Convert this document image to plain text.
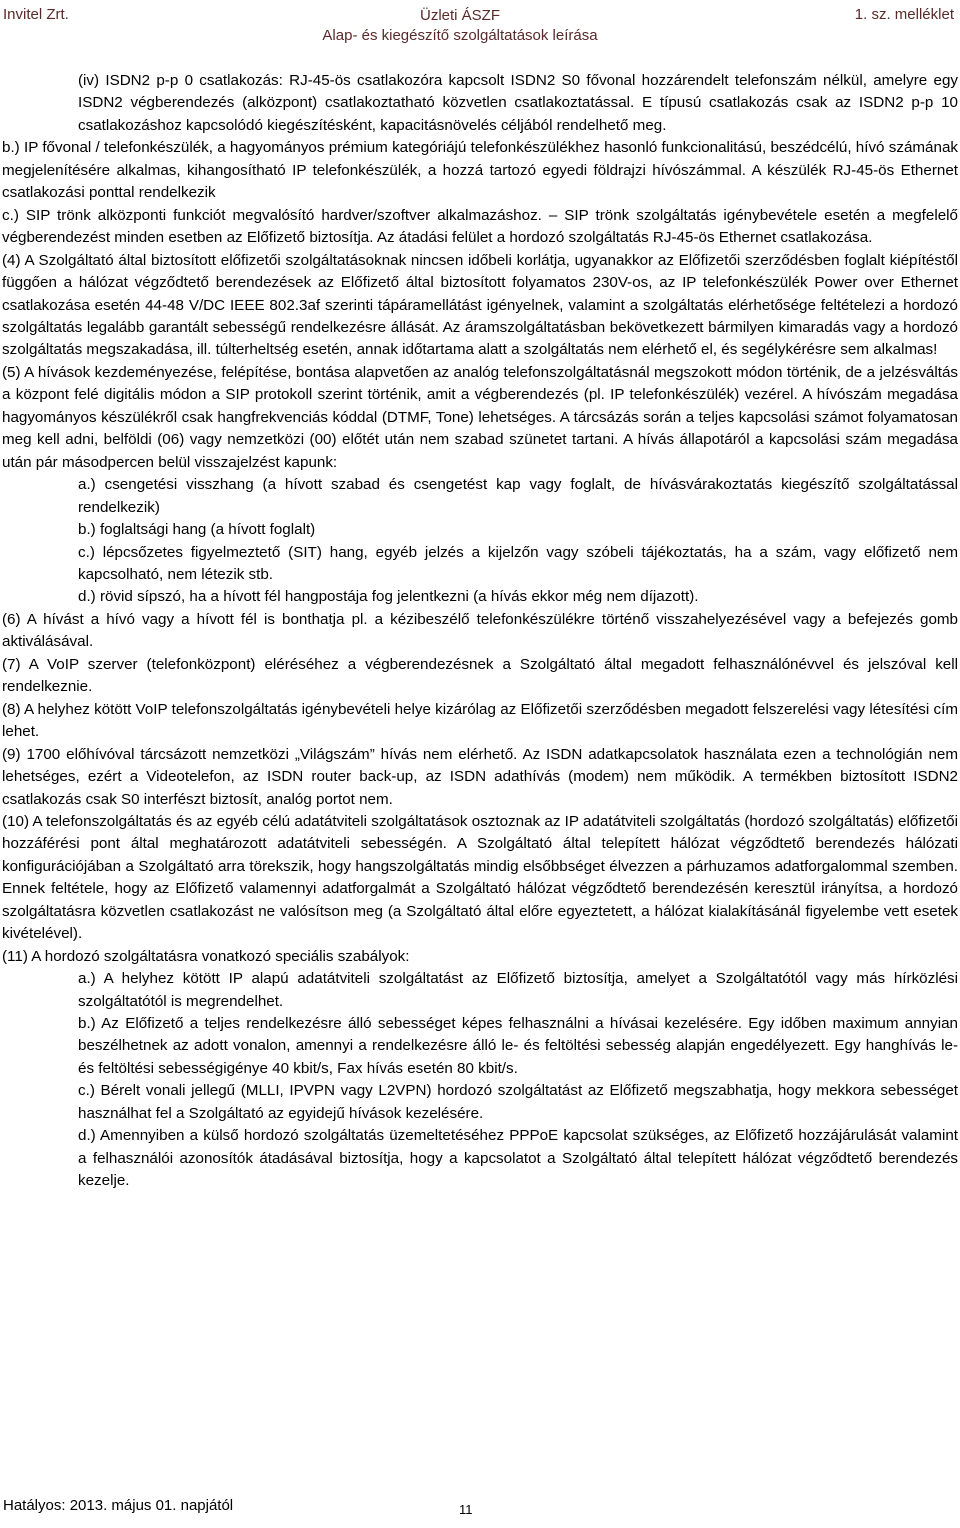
Invitel Zrt.	Üzleti ÁSZF
Alap- és kiegészítő szolgáltatások leírása
1. sz. melléklet

(iv) ISDN2 p-p 0 csatlakozás: RJ-45-ös csatlakozóra kapcsolt ISDN2 S0 fővonal hozzárendelt telefonszám nélkül, amelyre egy ISDN2 végberendezés (alközpont) csatlakoztatható közvetlen csatlakoztatással. E típusú csatlakozás csak az ISDN2 p-p 10 csatlakozáshoz kapcsolódó kiegészítésként, kapacitásnövelés céljából rendelhető meg.

b.) IP fővonal / telefonkészülék, a hagyományos prémium kategóriájú telefonkészülékhez hasonló funkcionalitású, beszédcélú, hívó számának megjelenítésére alkalmas, kihangosítható IP telefonkészülék, a hozzá tartozó egyedi földrajzi hívószámmal. A készülék RJ-45-ös Ethernet csatlakozási ponttal rendelkezik

c.) SIP trönk alközponti funkciót megvalósító hardver/szoftver alkalmazáshoz. – SIP trönk szolgáltatás igénybevétele esetén a megfelelő végberendezést minden esetben az Előfizető biztosítja. Az átadási felület a hordozó szolgáltatás RJ-45-ös Ethernet csatlakozása.

(4) A Szolgáltató által biztosított előfizetői szolgáltatásoknak nincsen időbeli korlátja, ugyanakkor az Előfizetői szerződésben foglalt kiépítéstől függően a hálózat végződtető berendezések az Előfizető által biztosított folyamatos 230V-os, az IP telefonkészülék Power over Ethernet csatlakozása esetén 44-48 V/DC IEEE 802.3af szerinti tápáramellátást igényelnek, valamint a szolgáltatás elérhetősége feltételezi a hordozó szolgáltatás legalább garantált sebességű rendelkezésre állását. Az áramszolgáltatásban bekövetkezett bármilyen kimaradás vagy a hordozó szolgáltatás megszakadása, ill. túlterheltség esetén, annak időtartama alatt a szolgáltatás nem elérhető el, és segélykérésre sem alkalmas!

(5) A hívások kezdeményezése, felépítése, bontása alapvetően az analóg telefonszolgáltatásnál megszokott módon történik, de a jelzésváltás a központ felé digitális módon a SIP protokoll szerint történik, amit a végberendezés (pl. IP telefonkészülék) vezérel. A hívószám megadása hagyományos készülékről csak hangfrekvenciás kóddal (DTMF, Tone) lehetséges. A tárcsázás során a teljes kapcsolási számot folyamatosan meg kell adni, belföldi (06) vagy nemzetközi (00) előtét után nem szabad szünetet tartani. A hívás állapotáról a kapcsolási szám megadása után pár másodpercen belül visszajelzést kapunk:

a.) csengetési visszhang (a hívott szabad és csengetést kap vagy foglalt, de hívásvárakoztatás kiegészítő szolgáltatással rendelkezik)

b.) foglaltsági hang (a hívott foglalt)

c.) lépcsőzetes figyelmeztető (SIT) hang, egyéb jelzés a kijelzőn vagy szóbeli tájékoztatás, ha a szám, vagy előfizető nem kapcsolható, nem létezik stb.

d.) rövid sípszó, ha a hívott fél hangpostája fog jelentkezni (a hívás ekkor még nem díjazott).

(6) A hívást a hívó vagy a hívott fél is bonthatja pl. a kézibeszélő telefonkészülékre történő visszahelyezésével vagy a befejezés gomb aktiválásával.

(7) A VoIP szerver (telefonközpont) eléréséhez a végberendezésnek a Szolgáltató által megadott felhasználónévvel és jelszóval kell rendelkeznie.

(8) A helyhez kötött VoIP telefonszolgáltatás igénybevételi helye kizárólag az Előfizetői szerződésben megadott felszerelési vagy létesítési cím lehet.

(9) 1700 előhívóval tárcsázott nemzetközi „Világszám” hívás nem elérhető. Az ISDN adatkapcsolatok használata ezen a technológián nem lehetséges, ezért a Videotelefon, az ISDN router back-up, az ISDN adathívás (modem) nem működik. A termékben biztosított ISDN2 csatlakozás csak S0 interfészt biztosít, analóg portot nem.

(10) A telefonszolgáltatás és az egyéb célú adatátviteli szolgáltatások osztoznak az IP adatátviteli szolgáltatás (hordozó szolgáltatás) előfizetői hozzáférési pont által meghatározott adatátviteli sebességén. A Szolgáltató által telepített hálózat végződtető berendezés hálózati konfigurációjában a Szolgáltató arra törekszik, hogy hangszolgáltatás mindig elsőbbséget élvezzen a párhuzamos adatforgalommal szemben. Ennek feltétele, hogy az Előfizető valamennyi adatforgalmát a Szolgáltató hálózat végződtető berendezésén keresztül irányítsa, a hordozó szolgáltatásra közvetlen csatlakozást ne valósítson meg (a Szolgáltató által előre egyeztetett, a hálózat kialakításánál figyelembe vett esetek kivételével).

(11) A hordozó szolgáltatásra vonatkozó speciális szabályok:

a.) A helyhez kötött IP alapú adatátviteli szolgáltatást az Előfizető biztosítja, amelyet a Szolgáltatótól vagy más hírközlési szolgáltatótól is megrendelhet.

b.) Az Előfizető a teljes rendelkezésre álló sebességet képes felhasználni a hívásai kezelésére. Egy időben maximum annyian beszélhetnek az adott vonalon, amennyi a rendelkezésre álló le- és feltöltési sebesség alapján engedélyezett. Egy hanghívás le- és feltöltési sebességigénye 40 kbit/s, Fax hívás esetén 80 kbit/s.

c.) Bérelt vonali jellegű (MLLI, IPVPN vagy L2VPN) hordozó szolgáltatást az Előfizető megszabhatja, hogy mekkora sebességet használhat fel a Szolgáltató az egyidejű hívások kezelésére.

d.) Amennyiben a külső hordozó szolgáltatás üzemeltetéséhez PPPoE kapcsolat szükséges, az Előfizető hozzájárulását valamint a felhasználói azonosítók átadásával biztosítja, hogy a kapcsolatot a Szolgáltató által telepített hálózat végződtető berendezés kezelje.

Hatályos: 2013. május 01. napjától	11
